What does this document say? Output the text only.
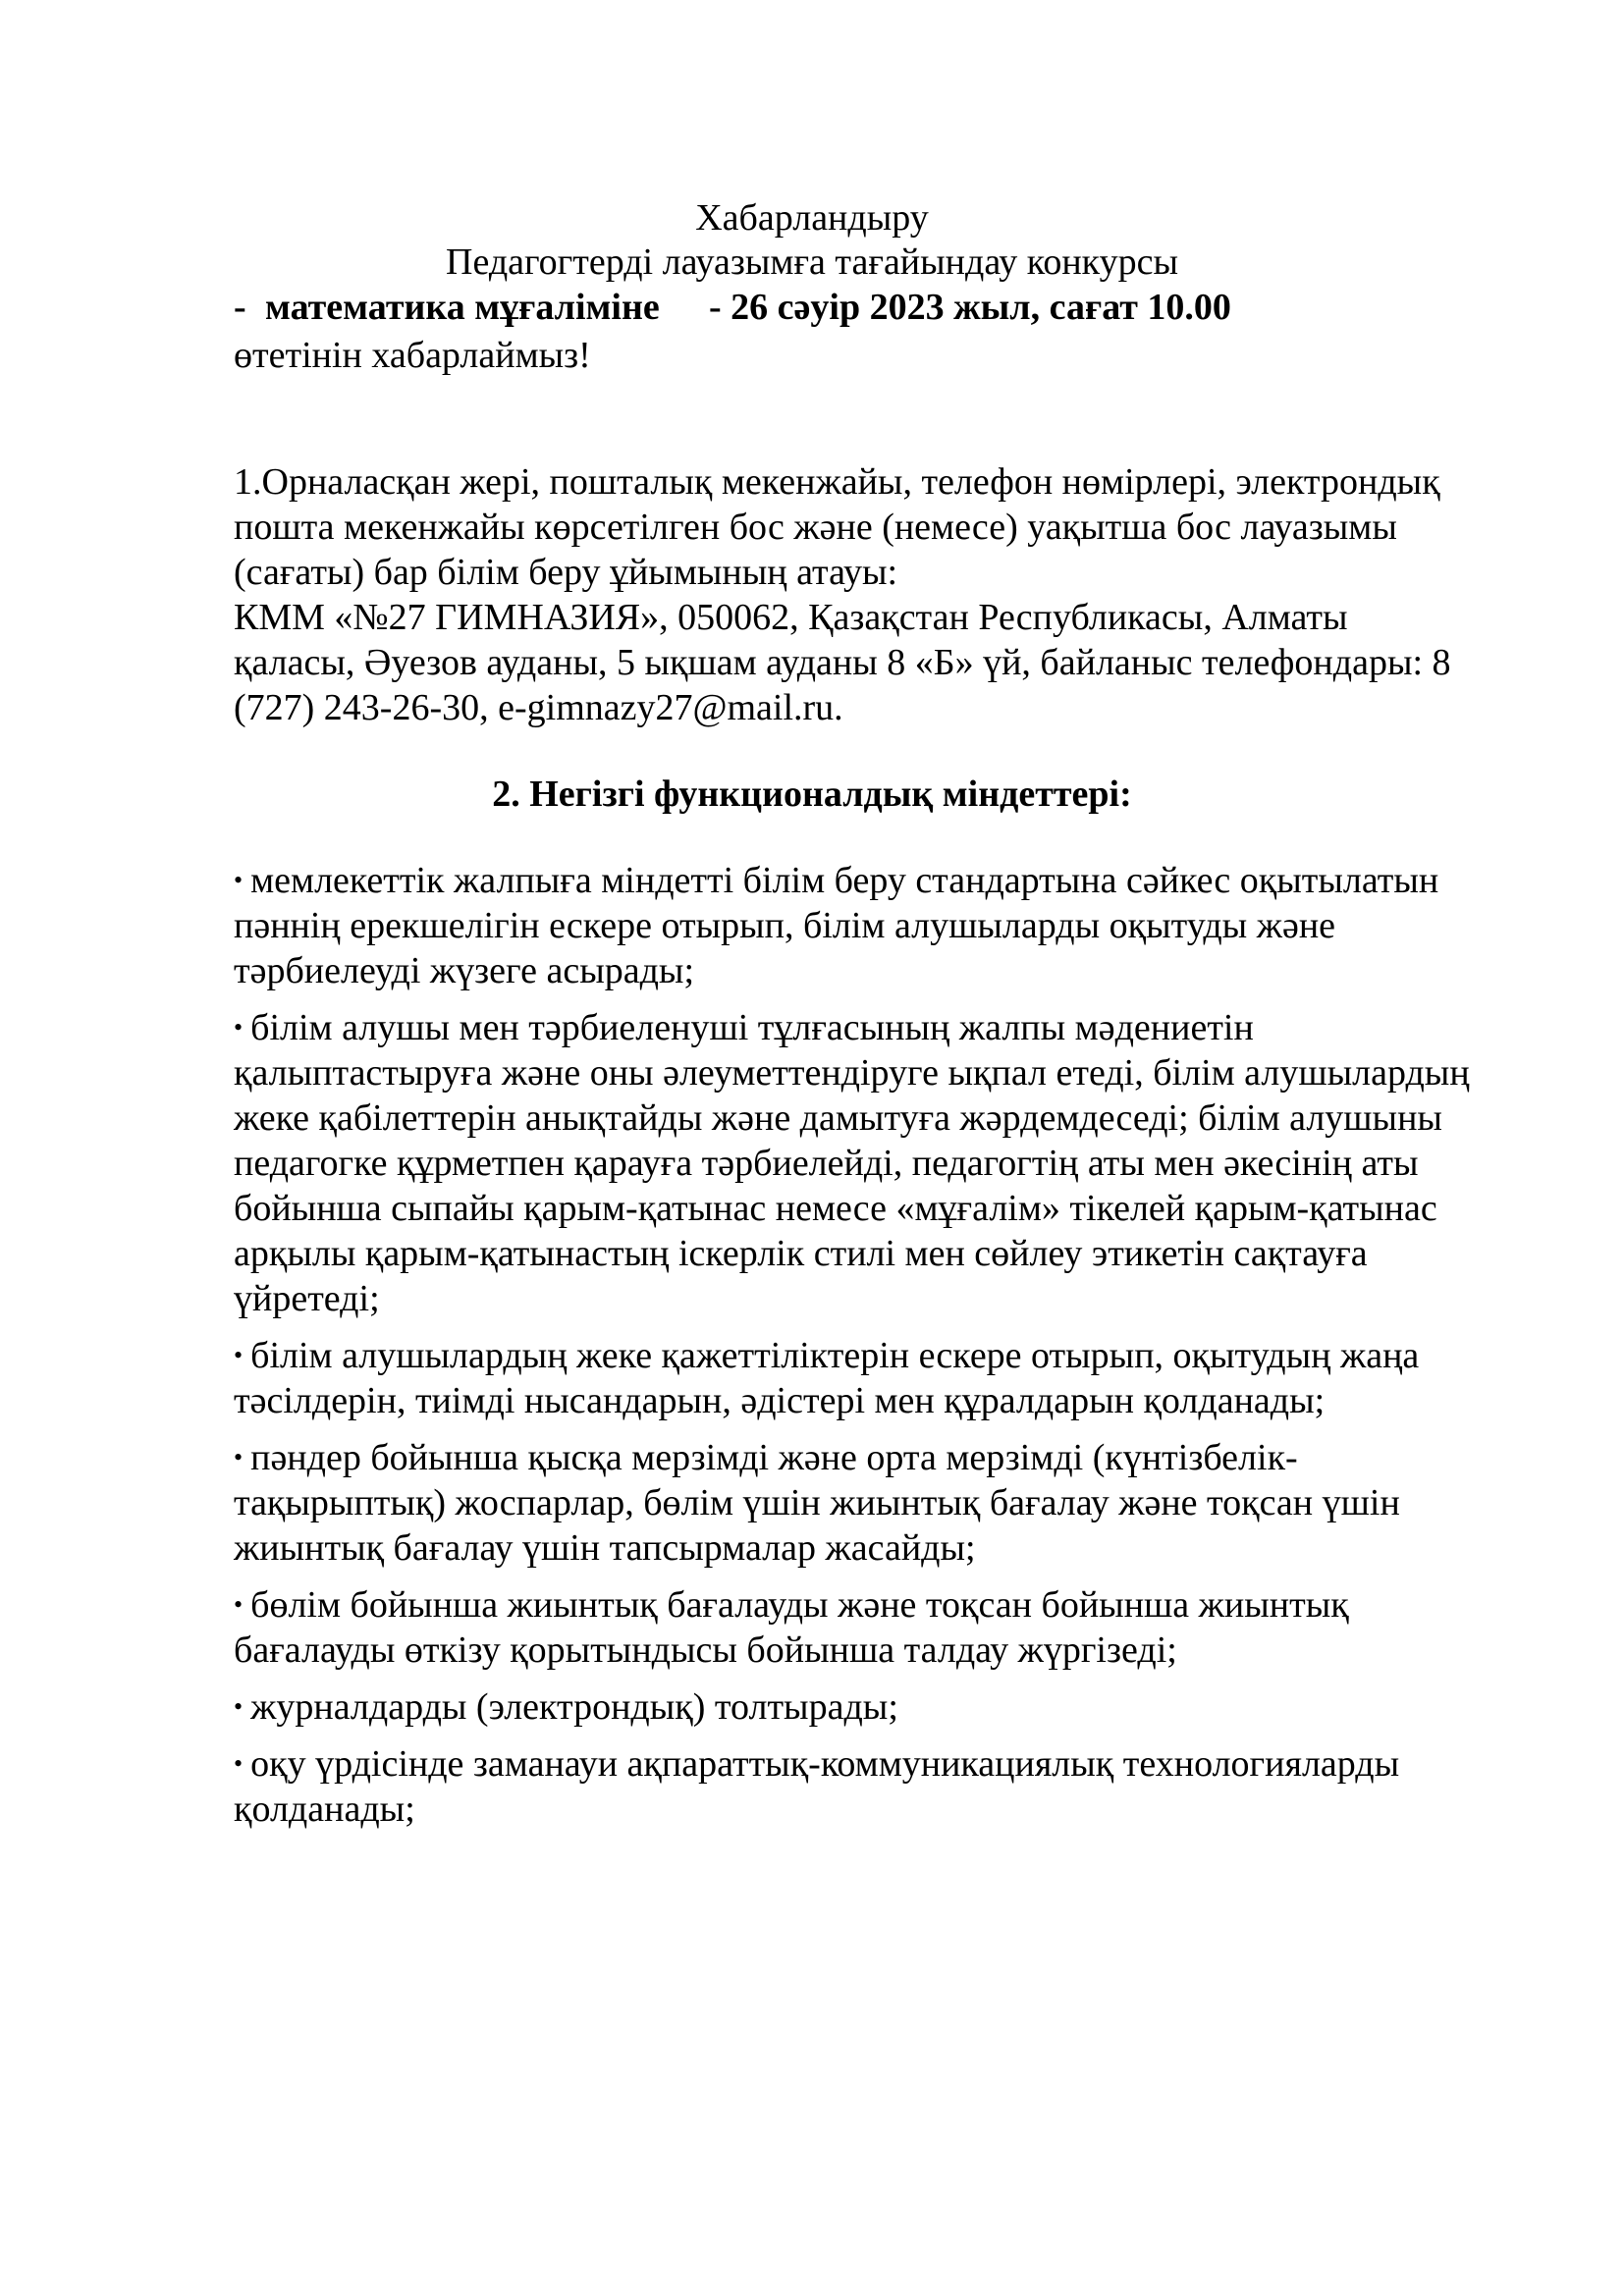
Хабарландыру
Педагогтерді лауазымға тағайындау конкурсы
- математика мұғаліміне - 26 сәуір 2023 жыл, сағат 10.00
өтетінін хабарлаймыз!
1.Орналасқан жері, пошталық мекенжайы, телефон нөмірлері, электрондық
пошта мекенжайы көрсетілген бос және (немесе) уақытша бос лауазымы
(сағаты) бар білім беру ұйымының атауы:
КММ «№27 ГИМНАЗИЯ», 050062, Қазақстан Республикасы, Алматы
қаласы, Әуезов ауданы, 5 ықшам ауданы 8 «Б» үй, байланыс телефондары: 8
(727) 243-26-30, e-gimnazy27@mail.ru.
2. Негізгі функционалдық міндеттері:
• мемлекеттік жалпыға міндетті білім беру стандартына сәйкес оқытылатын
пәннің ерекшелігін ескере отырып, білім алушыларды оқытуды және
тәрбиелеуді жүзеге асырады;
• білім алушы мен тәрбиеленуші тұлғасының жалпы мәдениетін
қалыптастыруға және оны әлеуметтендіруге ықпал етеді, білім алушылардың
жеке қабілеттерін анықтайды және дамытуға жәрдемдеседі; білім алушыны
педагогке құрметпен қарауға тәрбиелейді, педагогтің аты мен әкесінің аты
бойынша сыпайы қарым-қатынас немесе «мұғалім» тікелей қарым-қатынас
арқылы қарым-қатынастың іскерлік стилі мен сөйлеу этикетін сақтауға
үйретеді;
• білім алушылардың жеке қажеттіліктерін ескере отырып, оқытудың жаңа
тәсілдерін, тиімді нысандарын, әдістері мен құралдарын қолданады;
• пәндер бойынша қысқа мерзімді және орта мерзімді (күнтізбелік-
тақырыптық) жоспарлар, бөлім үшін жиынтық бағалау және тоқсан үшін
жиынтық бағалау үшін тапсырмалар жасайды;
• бөлім бойынша жиынтық бағалауды және тоқсан бойынша жиынтық
бағалауды өткізу қорытындысы бойынша талдау жүргізеді;
• журналдарды (электрондық) толтырады;
• оқу үрдісінде заманауи ақпараттық-коммуникациялық технологияларды
қолданады;
